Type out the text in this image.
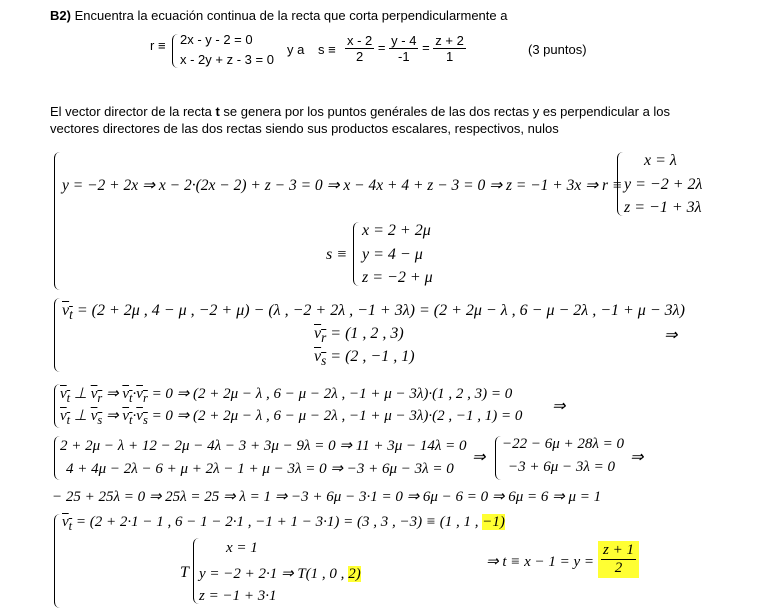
B2) Encuentra la ecuación continua de la recta que corta perpendicularmente a
r ≡ 2x - y - 2 = 0
x - 2y + z - 3 = 0
y a $s \equiv \frac{x - 2}{2} = \frac{y - 4}{-1} = \frac{z + 2}{1}$	(3 puntos)
El vector director de la recta t se genera por los puntos genérales de las dos rectas y es perpendicular a los
vectores directores de las dos rectas siendo sus productos escalares, respectivos, nulos
y = −2 + 2x ⇒ x − 2·(2x − 2) + z − 3 = 0 ⇒ x − 4x + 4 + z − 3 = 0 ⇒ z = −1 + 3x ⇒ r ≡
x = λ
y = −2 + 2λ
z = −1 + 3λ
s ≡
x = 2 + 2μ
y = 4 − μ
z = −2 + μ
$v_t = (2 + 2\mu$ , 4 − μ , −2 + μ) − (λ , −2 + 2λ , −1 + 3λ) = (2 + 2μ − λ , 6 − μ − 2λ , −1 + μ − 3λ)
$v_r = (1$ , 2 , 3)
$v_s = (2$ , −1 , 1)
⇒
$v_t$ ⊥ $v_r$ ⇒ $v_t\cdot v_r = 0$ ⇒ (2 + 2μ − λ , 6 − μ − 2λ , −1 + μ − 3λ)·(1 , 2 , 3) = 0
$v_t$ ⊥ $v_s$ ⇒ $v_t\cdot v_s = 0$ ⇒ (2 + 2μ − λ , 6 − μ − 2λ , −1 + μ − 3λ)·(2 , −1 , 1) = 0
⇒
2 + 2μ − λ + 12 − 2μ − 4λ − 3 + 3μ − 9λ = 0 ⇒ 11 + 3μ − 14λ = 0
4 + 4μ − 2λ − 6 + μ + 2λ − 1 + μ − 3λ = 0 ⇒ −3 + 6μ − 3λ = 0
⇒
−22 − 6μ + 28λ = 0
−3 + 6μ − 3λ = 0
⇒
− 25 + 25λ = 0 ⇒ 25λ = 25 ⇒ λ = 1 ⇒ −3 + 6μ − 3·1 = 0 ⇒ 6μ − 6 = 0 ⇒ 6μ = 6 ⇒ μ = 1
$v_t = (2 + 2\cdot 1 - 1$ , 6 − 1 − 2·1 , −1 + 1 − 3·1) = (3 , 3 , −3) ≡ (1 , 1 , −1)
T
x = 1
y = −2 + 2·1 ⇒ T(1 , 0 , 2)
z = −1 + 3·1
⇒ $t \equiv x - 1 = y = \frac{z + 1}{2}$
